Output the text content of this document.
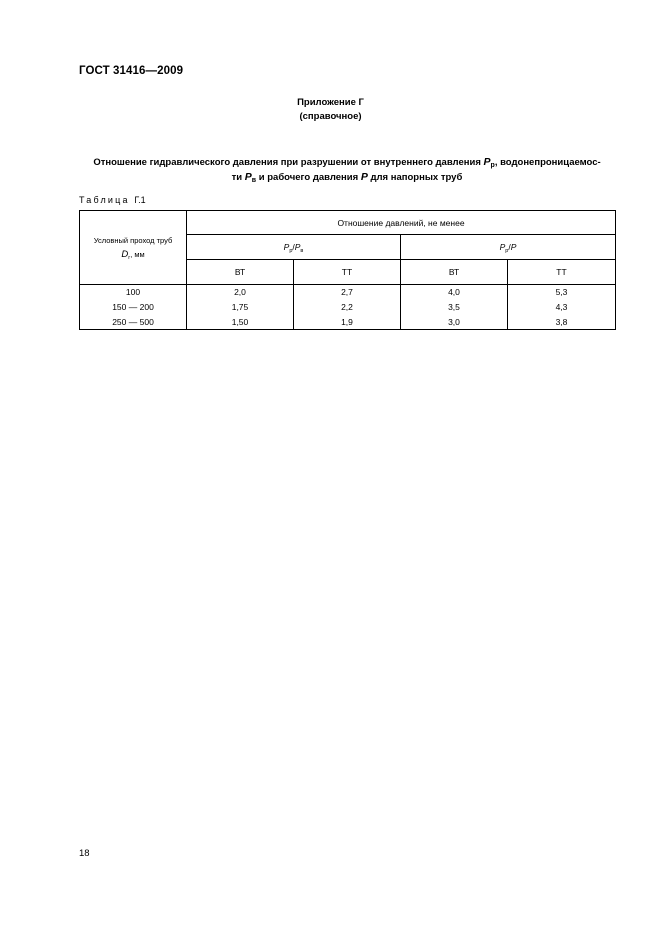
ГОСТ 31416—2009
Приложение Г
(справочное)
Отношение гидравлического давления при разрушении от внутреннего давления $P_p$, водонепроницаемос-
ти $P_в$ и рабочего давления P для напорных труб
Таблица Г.1
Условный проход труб
$D_г$, мм	Отношение давлений, не менее			
	$P_р/P_в$		$P_р/P$	
	ВТ	ТТ	ВТ	ТТ
100	2,0	2,7	4,0	5,3
150 — 200	1,75	2,2	3,5	4,3
250 — 500	1,50	1,9	3,0	3,8
18
